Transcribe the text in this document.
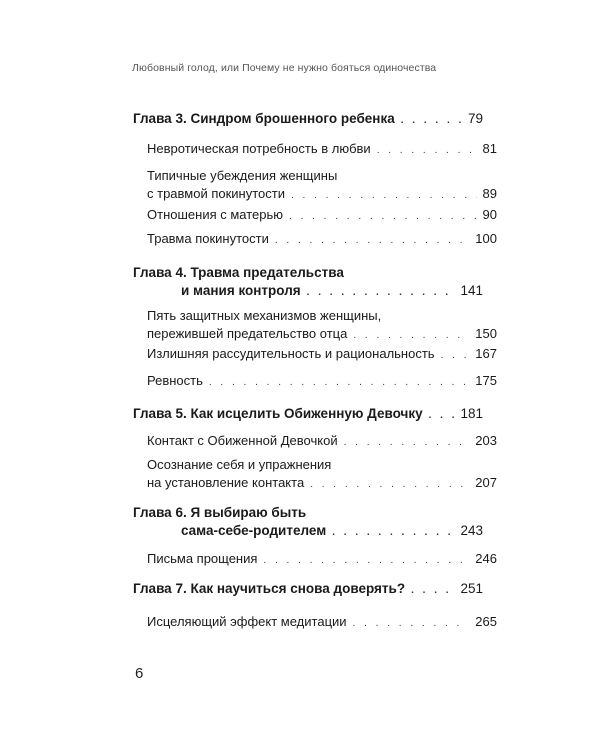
Любовный голод, или Почему не нужно бояться одиночества
Глава 3. Синдром брошенного ребенка . . .	79
Невротическая потребность в любви . . .	81
Типичные убеждения женщины
с травмой покинутости . . .	89
Отношения с матерью . . .	90
Травма покинутости . . .	100
Глава 4. Травма предательства
и мания контроля . . .	141
Пять защитных механизмов женщины,
пережившей предательство отца . . .	150
Излишняя рассудительность и рациональность . . .	167
Ревность . . .	175
Глава 5. Как исцелить Обиженную Девочку . . .	181
Контакт с Обиженной Девочкой . . .	203
Осознание себя и упражнения
на установление контакта . . .	207
Глава 6. Я выбираю быть
сама-себе-родителем . . .	243
Письма прощения . . .	246
Глава 7. Как научиться снова доверять? . . .	251
Исцеляющий эффект медитации . . .	265
6
